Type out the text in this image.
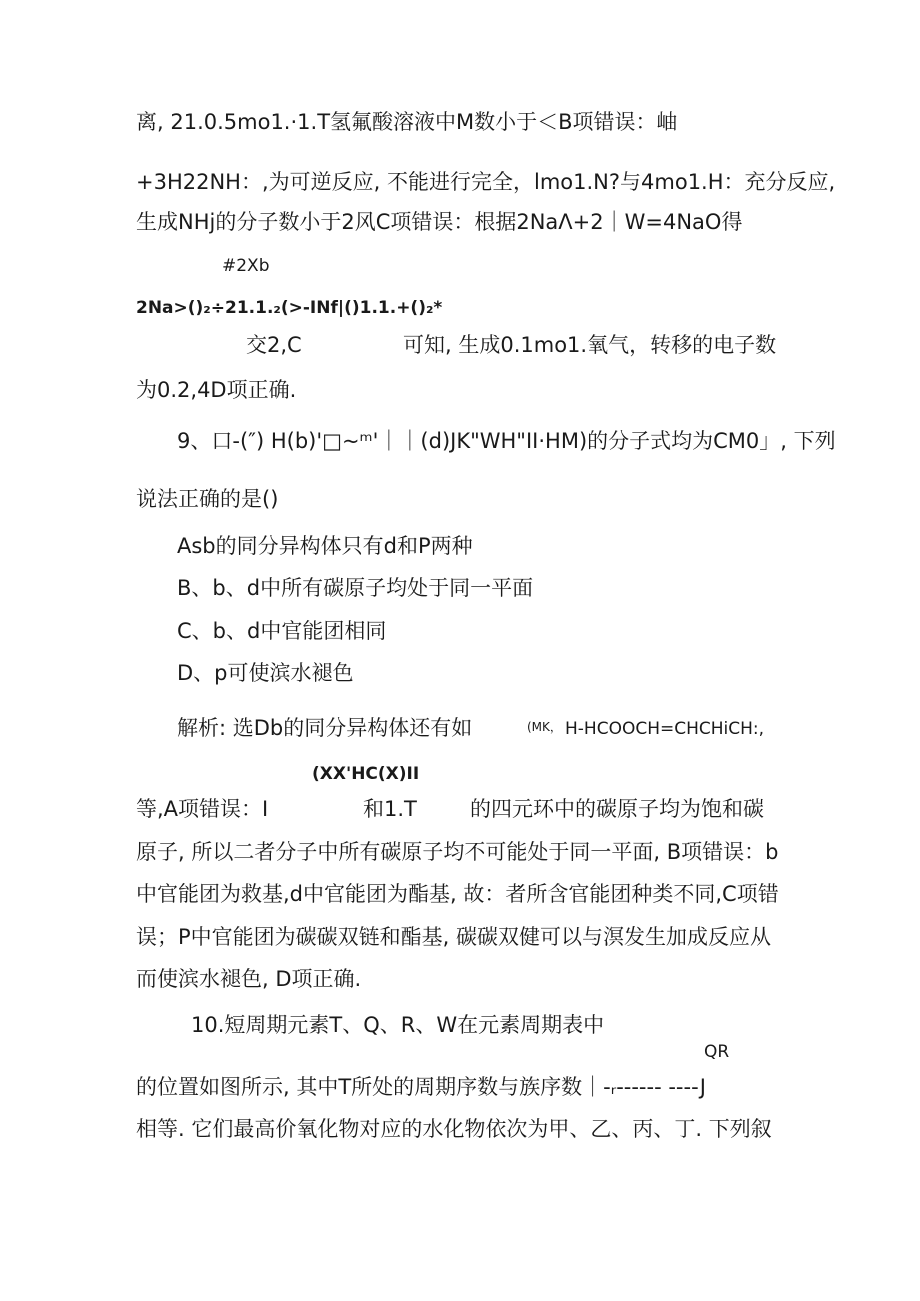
离, 21.0.5mo1.·1.T氢氟酸溶液中M数小于＜B项错误：岫
+3H22NH：,为可逆反应, 不能进行完全，lmo1.N?与4mo1.H：充分反应,
生成NHj的分子数小于2风C项错误：根据2NaΛ+2｜W=4NaO得
#2Xb
2Na>()₂÷21.1.₂(>-INf|()1.1.+()₂*
交2,C	可知, 生成0.1mo1.氧气，转移的电子数
为0.2,4D项正确.
9、口-(″) H(b)'□~ᵐ'｜｜(d)JK"WH"II·HM)的分子式均为CM0」, 下列
说法正确的是()
Asb的同分异构体只有d和P两种
B、b、d中所有碳原子均处于同一平面
C、b、d中官能团相同
D、p可使滨水褪色
解析: 选Db的同分异构体还有如	(MK， H-HCOOCH=CHCHiCH:,
(XX'HC(X)II
等,A项错误：I	和1.T	的四元环中的碳原子均为饱和碳
原子, 所以二者分子中所有碳原子均不可能处于同一平面, B项错误：b
中官能团为救基,d中官能团为酯基, 故：者所含官能团种类不同,C项错
误；P中官能团为碳碳双链和酯基, 碳碳双健可以与溟发生加成反应从
而使滨水褪色, D项正确.
10.短周期元素T、Q、R、W在元素周期表中
QR
的位置如图所示, 其中T所处的周期序数与族序数｜-ᵣ------ ----J
相等. 它们最高价氧化物对应的水化物依次为甲、乙、丙、丁. 下列叙
